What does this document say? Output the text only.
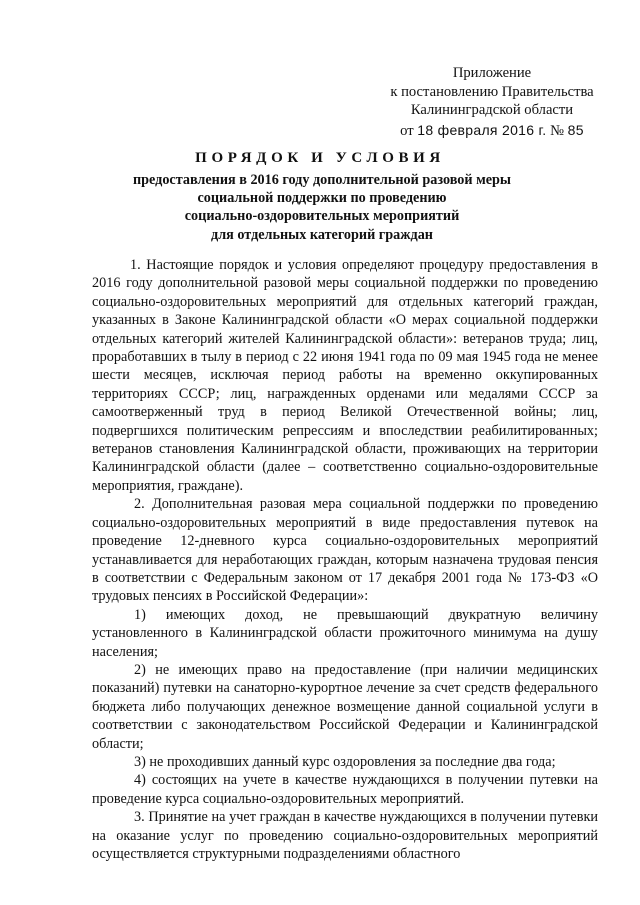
Приложение
к постановлению Правительства
Калининградской области
от 18 февраля 2016 г. № 85
ПОРЯДОК И УСЛОВИЯ
предоставления в 2016 году дополнительной разовой меры
социальной поддержки по проведению
социально-оздоровительных мероприятий
для отдельных категорий граждан

1. Настоящие порядок и условия определяют процедуру предоставления в 2016 году дополнительной разовой меры социальной поддержки по проведению социально-оздоровительных мероприятий для отдельных категорий граждан, указанных в Законе Калининградской области «О мерах социальной поддержки отдельных категорий жителей Калининградской области»: ветеранов труда; лиц, проработавших в тылу в период с 22 июня 1941 года по 09 мая 1945 года не менее шести месяцев, исключая период работы на временно оккупированных территориях СССР; лиц, награжденных орденами или медалями СССР за самоотверженный труд в период Великой Отечественной войны; лиц, подвергшихся политическим репрессиям и впоследствии реабилитированных; ветеранов становления Калининградской области, проживающих на территории Калининградской области (далее – соответственно социально-оздоровительные мероприятия, граждане).

2. Дополнительная разовая мера социальной поддержки по проведению социально-оздоровительных мероприятий в виде предоставления путевок на проведение 12-дневного курса социально-оздоровительных мероприятий устанавливается для неработающих граждан, которым назначена трудовая пенсия в соответствии с Федеральным законом от 17 декабря 2001 года № 173-ФЗ «О трудовых пенсиях в Российской Федерации»:

1) имеющих доход, не превышающий двукратную величину установленного в Калининградской области прожиточного минимума на душу населения;

2) не имеющих право на предоставление (при наличии медицинских показаний) путевки на санаторно-курортное лечение за счет средств федерального бюджета либо получающих денежное возмещение данной социальной услуги в соответствии с законодательством Российской Федерации и Калининградской области;

3) не проходивших данный курс оздоровления за последние два года;

4) состоящих на учете в качестве нуждающихся в получении путевки на проведение курса социально-оздоровительных мероприятий.

3. Принятие на учет граждан в качестве нуждающихся в получении путевки на оказание услуг по проведению социально-оздоровительных мероприятий осуществляется структурными подразделениями областного
